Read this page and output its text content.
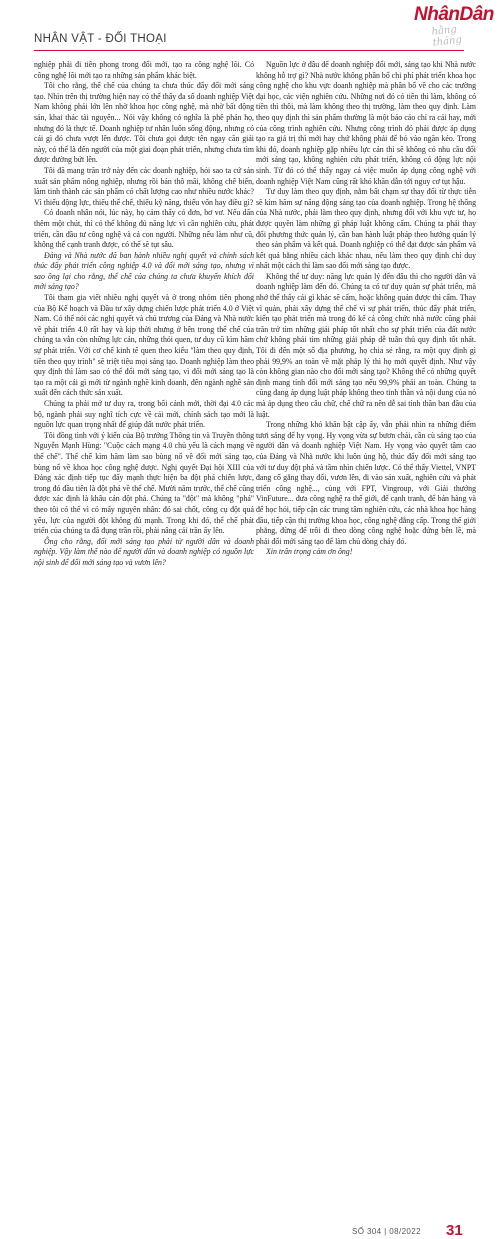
NHÂN VẬT - ĐỐI THOẠI
NhânDân
hằng tháng

nghiệp phải đi tiên phong trong đổi mới, tạo ra công nghệ lõi. Có công nghệ lõi mới tạo ra những sản phẩm khác biệt.

Tôi cho rằng, thể chế của chúng ta chưa thúc đẩy đổi mới sáng tạo. Nhìn trên thị trường hiện nay có thể thấy đa số doanh nghiệp Việt Nam không phải lớn lên nhờ khoa học công nghệ, mà nhờ bất động sản, khai thác tài nguyên... Nói vậy không có nghĩa là phê phán họ, nhưng đó là thực tế. Doanh nghiệp tư nhân luôn sống động, nhưng có cái gì đó chưa vượt lên được. Tôi chưa gọi được tên ngay căn giải này, có thể là đến người của một giai đoạn phát triển, nhưng chưa tìm được đường bứt lên.

Tôi đã mang trăn trở này đến các doanh nghiệp, hỏi sao ta cứ sản xuất sản phẩm nông nghiệp, nhưng rồi bán thô mãi, không chế biến, làm tinh thành các sản phẩm có chất lượng cao như nhiều nước khác? Vì thiếu động lực, thiếu thể chế, thiếu kỹ năng, thiếu vốn hay điều gì?

Có doanh nhân nói, lúc này, họ cảm thấy có đơn, bơ vơ. Nếu dấn thêm một chút, thì có thể không đủ năng lực vì cần nghiên cứu, phát triển, cần đầu tư công nghệ và cả con người. Những nếu làm như cũ, không thể cạnh tranh được, có thể sẽ tụt sâu.

Đảng và Nhà nước đã ban hành nhiều nghị quyết và chính sách thúc đẩy phát triển công nghiệp 4.0 và đổi mới sáng tạo, nhưng vì sao ông lại cho rằng, thể chế của chúng ta chưa khuyến khích đổi mới sáng tạo?

Tôi tham gia viết nhiều nghị quyết và ở trong nhóm tiên phong của Bộ Kế hoạch và Đầu tư xây dựng chiến lược phát triển 4.0 ở Việt Nam. Có thể nói các nghị quyết và chủ trương của Đảng và Nhà nước về phát triển 4.0 rất hay và kịp thời nhưng ở bên trong thể chế của chúng ta vẫn còn những lực cản, những thói quen, tư duy cũ kìm hãm sự phát triển. Với cơ chế kinh tế quen theo kiểu "làm theo quy định, tiền theo quy trình" sẽ triệt tiêu mọi sáng tạo. Doanh nghiệp làm theo quy định thì làm sao có thể đổi mới sáng tạo, vì đổi mới sáng tạo là tạo ra một cái gì mới từ ngành nghề kinh doanh, đến ngành nghề sản xuất đến cách thức sản xuất.

Chúng ta phải mở tư duy ra, trong bối cảnh mới, thời đại 4.0 các bộ, ngành phải suy nghĩ tích cực về cải mới, chính sách tạo mới là nguồn lực quan trọng nhất để giúp đất nước phát triển.

Tôi đồng tình với ý kiến của Bộ trưởng Thông tin và Truyền thông Nguyễn Mạnh Hùng: "Cuộc cách mạng 4.0 chủ yếu là cách mạng về thể chế". Thể chế kìm hãm làm sao bùng nổ về đổi mới sáng tạo, bùng nổ về khoa học công nghệ được. Nghị quyết Đại hội XIII của Đảng xác định tiếp tục đẩy mạnh thực hiện ba đột phá chiến lược, trong đó đầu tiên là đột phá về thể chế. Mười năm trước, thể chế cũng được xác định là khâu cản đột phá. Chúng ta "đột" mà không "phá" theo tôi có thể vì có mấy nguyên nhân: đó sai chốt, công cụ đột quá yếu, lực của người đột không đủ mạnh. Trong khi đó, thể chế phát triển của chúng ta đã đụng trần rồi, phải nâng cái trần ấy lên.

Ông cho rằng, đổi mới sáng tạo phải từ người dân và doanh nghiệp. Vậy làm thế nào để người dân và doanh nghiệp có nguồn lực nội sinh để đổi mới sáng tạo và vươn lên?

Nguồn lực ở đâu để doanh nghiệp đổi mới, sáng tạo khi Nhà nước không hỗ trợ gì? Nhà nước không phân bổ chi phí phát triển khoa học công nghệ cho khu vực doanh nghiệp mà phân bổ về cho các trường đại học, các viện nghiên cứu. Những nơi đó có tiền thì làm, không có tiền thì thôi, mà làm không theo thị trường, làm theo quy định. Làm theo quy định thì sản phẩm thường là một báo cáo chỉ ra cái hay, mới của công trình nghiên cứu. Nhưng công trình đó phải được áp dụng tạo ra giá trị thì mới hay chứ không phải để bỏ vào ngăn kéo. Trong khi đó, doanh nghiệp gặp nhiều lực cản thì sẽ không có nhu cầu đổi mới sáng tạo, không nghiên cứu phát triển, không có động lực nội sinh. Từ đó có thể thấy ngay cả việc muốn áp dụng công nghệ với doanh nghiệp Việt Nam cũng rất khó khăn dẫn tới nguy cơ tụt hậu.

Tư duy làm theo quy định, nằm bất chạm sự thay đổi từ thực tiễn sẽ kìm hãm sự năng động sáng tạo của doanh nghiệp. Trong hệ thống của Nhà nước, phải làm theo quy định, nhưng đổi với khu vực tư, họ được quyền làm những gì pháp luật không cấm. Chúng ta phải thay đổi phương thức quản lý, cần ban hành luật pháp theo hướng quản lý theo sản phẩm và kết quả. Doanh nghiệp có thể đạt được sản phẩm và kết quả bằng nhiều cách khác nhau, nếu làm theo quy định chỉ duy nhất một cách thì làm sao đổi mới sáng tạo được.

Không thể tư duy: năng lực quản lý đến đâu thì cho người dân và doanh nghiệp làm đến đó. Chúng ta có tư duy quản sự phát triển, mà nhớ thể thấy cái gì khác sẽ cấm, hoặc không quản được thì cấm. Thay vì quản, phải xây dựng thể chế vì sự phát triển, thúc đẩy phát triển, kiến tạo phát triển mà trong đó kể cả công chức nhà nước cũng phải trăn trở tìm những giải pháp tốt nhất cho sự phát triển của đất nước chứ không phải tìm những giải pháp dễ tuân thủ quy định tốt nhất. Tôi đi đến một số địa phương, họ chia sẻ rằng, ra một quy định gì phải 99,9% an toàn về mặt pháp lý thì họ mới quyết định. Như vậy còn không gian nào cho đổi mới sáng tạo? Không thể có những quyết định mang tính đổi mới sáng tạo nếu 99,9% phải an toàn. Chúng ta cũng đang áp dụng luật pháp không theo tinh thần và nội dung của nó mà áp dụng theo câu chữ, chế chữ ra nên dễ sai tính thần ban đầu của luật.

Trong những khó khăn bật cập ấy, vẫn phải nhìn ra những điểm tươi sáng để hy vọng. Hy vọng vừa sự bươn chải, cần cù sáng tạo của người dân và doanh nghiệp Việt Nam. Hy vọng vào quyết tâm cao của Đảng và Nhà nước khi luôn ủng hộ, thúc đẩy đổi mới sáng tạo với tư duy đột phá và tầm nhìn chiến lược. Có thể thấy Viettel, VNPT đang cố gắng thay đổi, vươn lên, đi vào sản xuất, nghiên cứu và phát triển công nghệ..., cùng với FPT, Vingroup, với Giải thưởng VinFuture... đưa công nghệ ra thế giới, để cạnh tranh, để bán hàng và để học hỏi, tiếp cận các trung tâm nghiên cứu, các nhà khoa học hàng đầu, tiếp cận thị trường khoa học, công nghệ đẳng cấp. Trong thế giới phẳng, đừng để trôi đi theo dòng công nghệ hoặc đứng bên lề, mà phải đổi mới sáng tạo để làm chủ dòng chảy đó.

Xin trân trọng cảm ơn ông!

SỐ 304 | 08/2022 31
